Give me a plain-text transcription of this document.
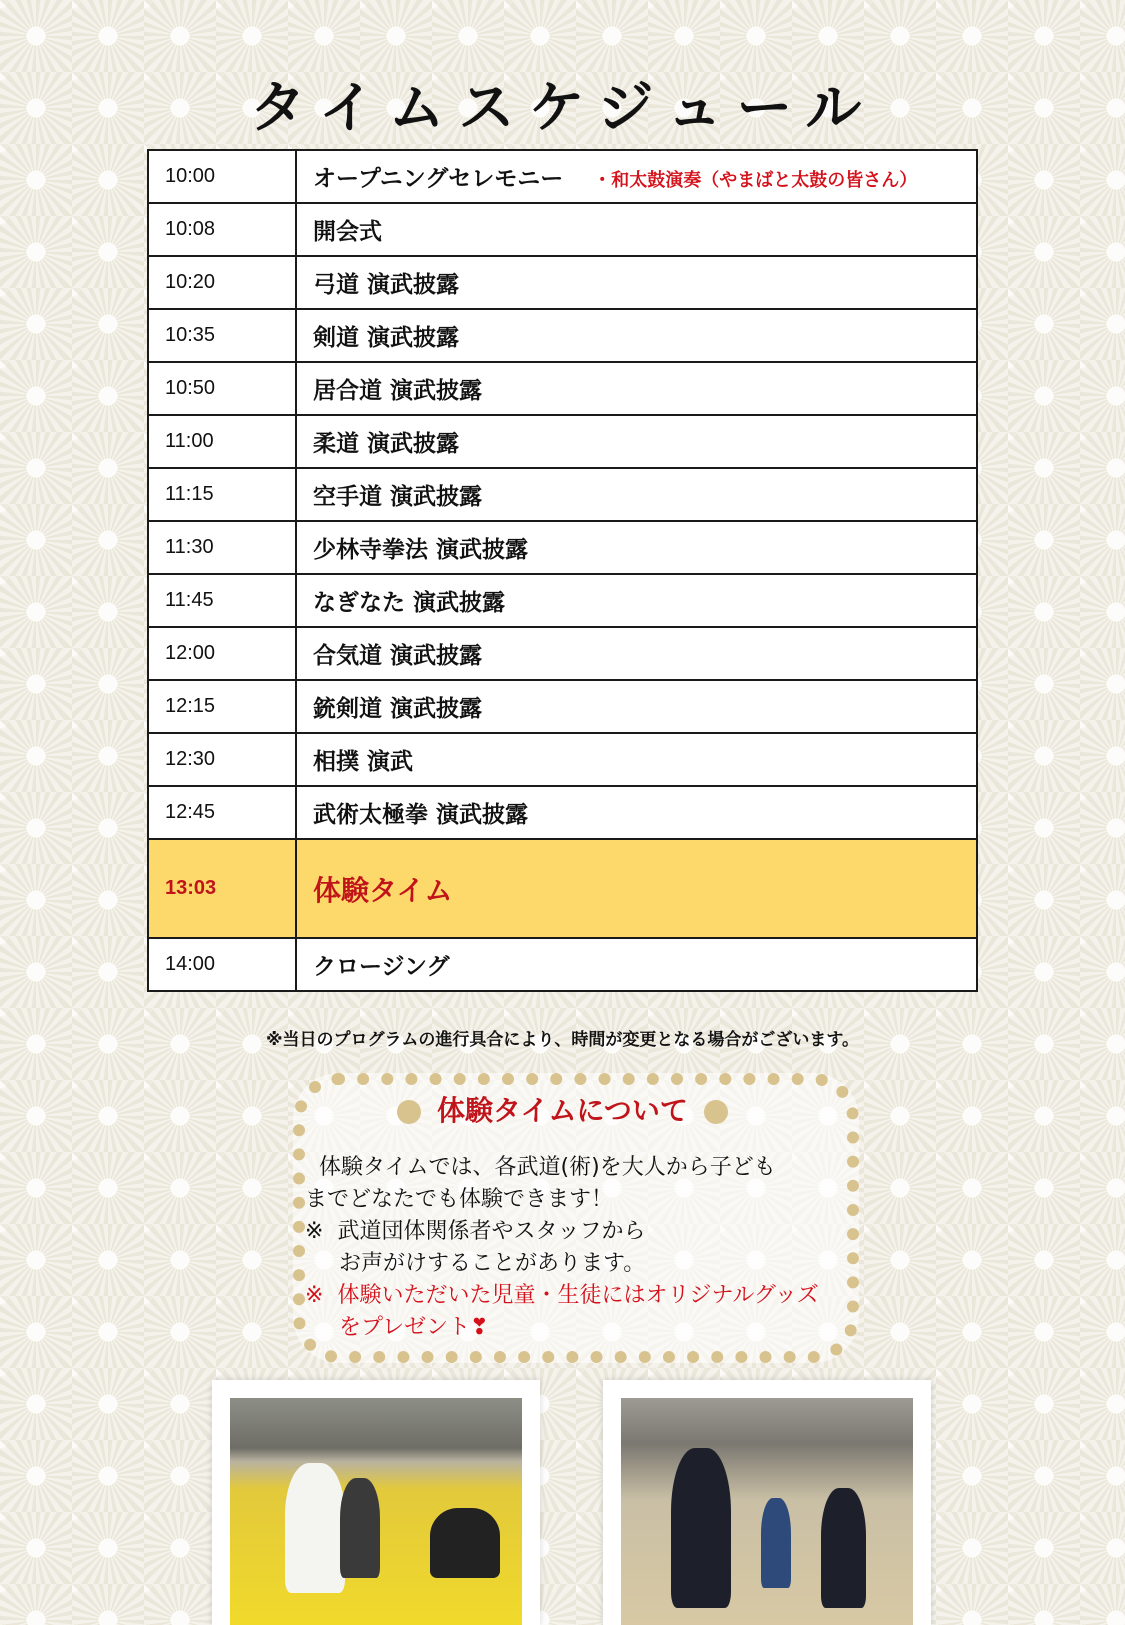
タイムスケジュール
10:00	オープニングセレモニー ・和太鼓演奏（やまばと太鼓の皆さん）
10:08	開会式
10:20	弓道 演武披露
10:35	剣道 演武披露
10:50	居合道 演武披露
11:00	柔道 演武披露
11:15	空手道 演武披露
11:30	少林寺拳法 演武披露
11:45	なぎなた 演武披露
12:00	合気道 演武披露
12:15	銃剣道 演武披露
12:30	相撲 演武
12:45	武術太極拳 演武披露
13:03	体験タイム
14:00	クロージング
※当日のプログラムの進行具合により、時間が変更となる場合がございます。
体験タイムについて
体験タイムでは、各武道(術)を大人から子ども
までどなたでも体験できます！
※ 武道団体関係者やスタッフから
お声がけすることがあります。
※ 体験いただいた児童・生徒にはオリジナルグッズ
をプレゼント❣
